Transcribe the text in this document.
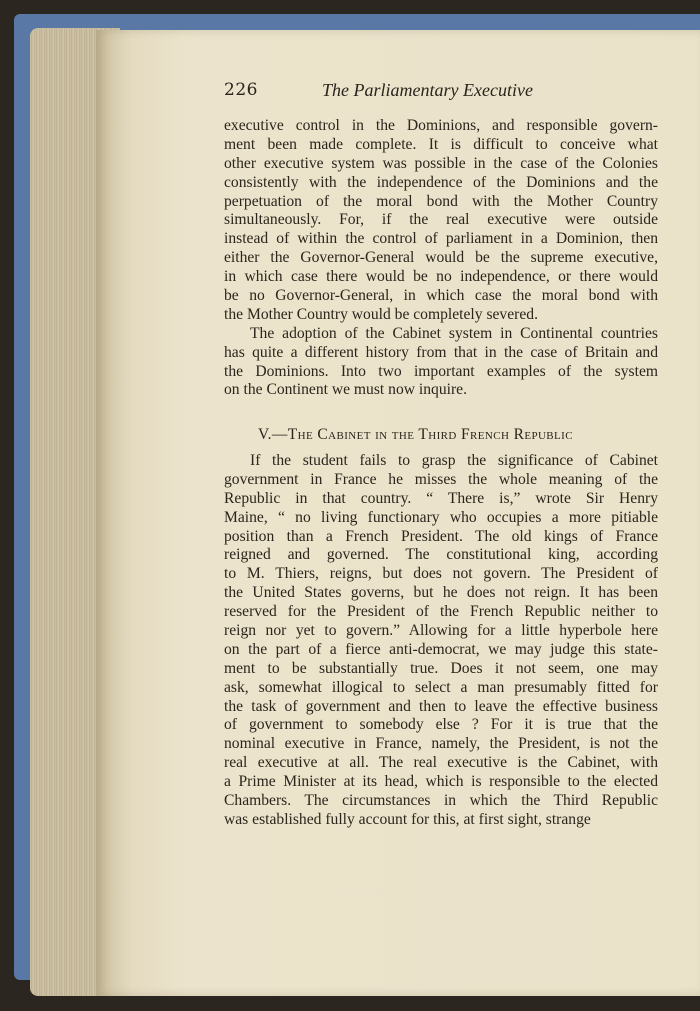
226	The Parliamentary Executive
executive control in the Dominions, and responsible govern-
ment been made complete. It is difficult to conceive what
other executive system was possible in the case of the Colonies
consistently with the independence of the Dominions and the
perpetuation of the moral bond with the Mother Country
simultaneously. For, if the real executive were outside
instead of within the control of parliament in a Dominion, then
either the Governor-General would be the supreme executive,
in which case there would be no independence, or there would
be no Governor-General, in which case the moral bond with
the Mother Country would be completely severed.
The adoption of the Cabinet system in Continental countries
has quite a different history from that in the case of Britain and
the Dominions. Into two important examples of the system
on the Continent we must now inquire.
V.—The Cabinet in the Third French Republic
If the student fails to grasp the significance of Cabinet
government in France he misses the whole meaning of the
Republic in that country. “ There is,” wrote Sir Henry
Maine, “ no living functionary who occupies a more pitiable
position than a French President. The old kings of France
reigned and governed. The constitutional king, according
to M. Thiers, reigns, but does not govern. The President of
the United States governs, but he does not reign. It has been
reserved for the President of the French Republic neither to
reign nor yet to govern.” Allowing for a little hyperbole here
on the part of a fierce anti-democrat, we may judge this state-
ment to be substantially true. Does it not seem, one may
ask, somewhat illogical to select a man presumably fitted for
the task of government and then to leave the effective business
of government to somebody else ? For it is true that the
nominal executive in France, namely, the President, is not the
real executive at all. The real executive is the Cabinet, with
a Prime Minister at its head, which is responsible to the elected
Chambers. The circumstances in which the Third Republic
was established fully account for this, at first sight, strange
